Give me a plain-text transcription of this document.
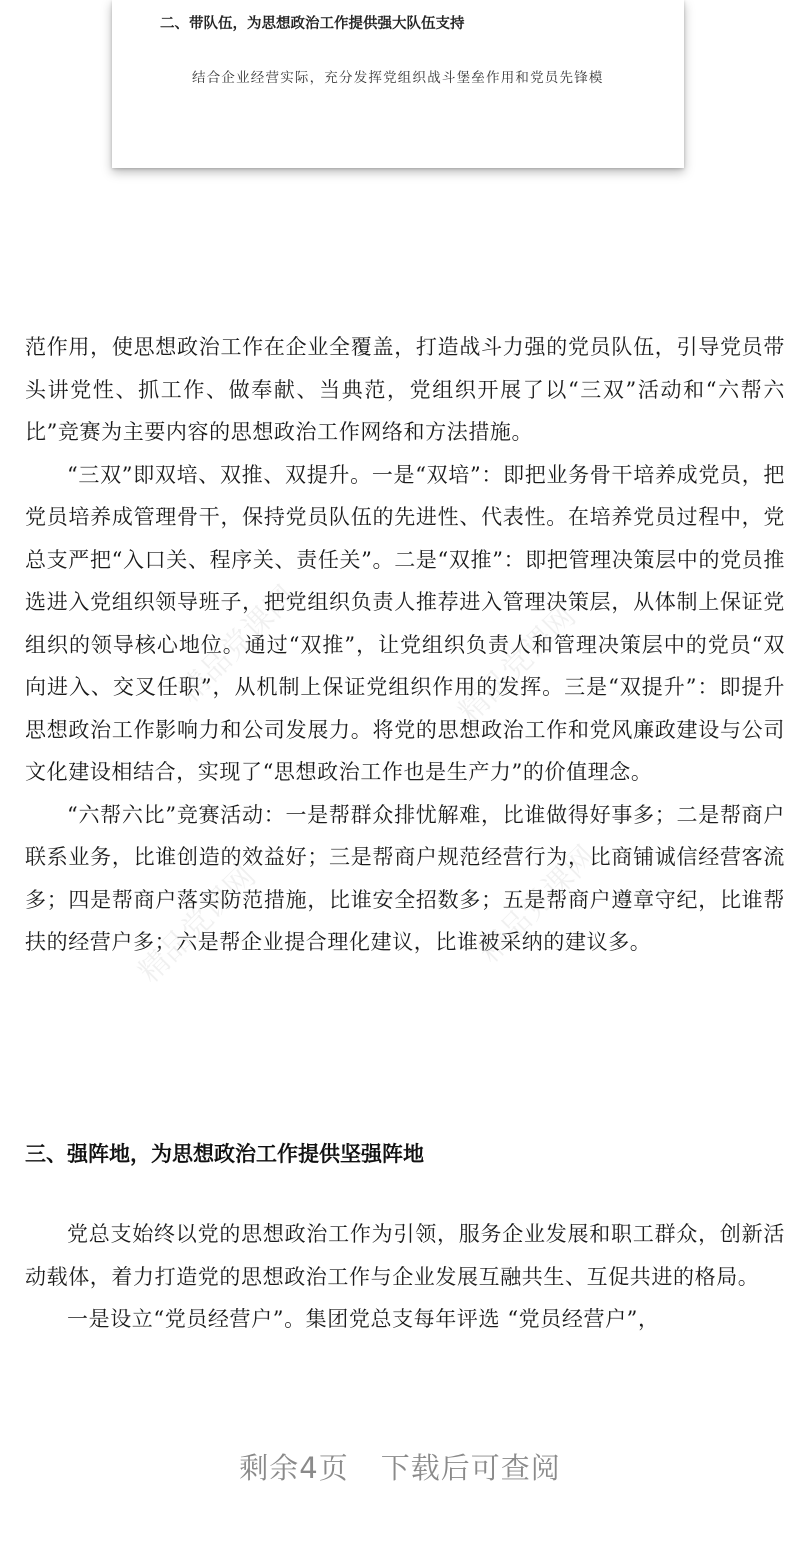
二、带队伍，为思想政治工作提供强大队伍支持
结合企业经营实际，充分发挥党组织战斗堡垒作用和党员先锋模
精品党课网	精品党课网
精品党课网	精品党课网

范作用，使思想政治工作在企业全覆盖，打造战斗力强的党员队伍，引导党员带头讲党性、抓工作、做奉献、当典范，党组织开展了以“三双”活动和“六帮六比”竞赛为主要内容的思想政治工作网络和方法措施。

“三双”即双培、双推、双提升。一是“双培”：即把业务骨干培养成党员，把党员培养成管理骨干，保持党员队伍的先进性、代表性。在培养党员过程中，党总支严把“入口关、程序关、责任关”。二是“双推”：即把管理决策层中的党员推选进入党组织领导班子，把党组织负责人推荐进入管理决策层，从体制上保证党组织的领导核心地位。通过“双推”，让党组织负责人和管理决策层中的党员“双向进入、交叉任职”，从机制上保证党组织作用的发挥。三是“双提升”：即提升思想政治工作影响力和公司发展力。将党的思想政治工作和党风廉政建设与公司文化建设相结合，实现了“思想政治工作也是生产力”的价值理念。

“六帮六比”竞赛活动：一是帮群众排忧解难，比谁做得好事多；二是帮商户联系业务，比谁创造的效益好；三是帮商户规范经营行为，比商铺诚信经营客流多；四是帮商户落实防范措施，比谁安全招数多；五是帮商户遵章守纪，比谁帮扶的经营户多；六是帮企业提合理化建议，比谁被采纳的建议多。

三、强阵地，为思想政治工作提供坚强阵地

党总支始终以党的思想政治工作为引领，服务企业发展和职工群众，创新活动载体，着力打造党的思想政治工作与企业发展互融共生、互促共进的格局。

一是设立“党员经营户”。集团党总支每年评选 “党员经营户”，

剩余4页 下载后可查阅
